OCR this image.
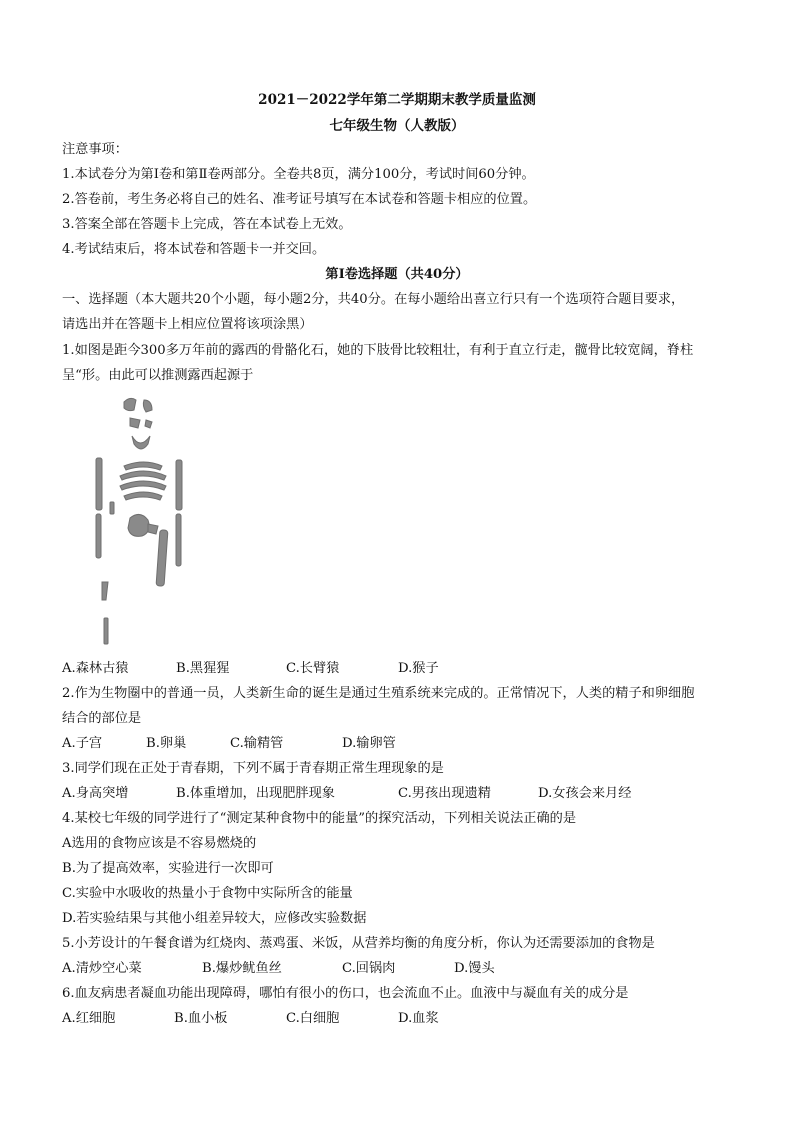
2021－2022学年第二学期期末教学质量监测
七年级生物（人教版）
注意事项：
1.本试卷分为第Ⅰ卷和第Ⅱ卷两部分。全卷共8页，满分100分，考试时间60分钟。
2.答卷前，考生务必将自己的姓名、准考证号填写在本试卷和答题卡相应的位置。
3.答案全部在答题卡上完成，答在本试卷上无效。
4.考试结束后，将本试卷和答题卡一并交回。
第Ⅰ卷选择题（共40分）
一、选择题（本大题共20个小题，每小题2分，共40分。在每小题给出喜立行只有一个选项符合题目要求，
请选出并在答题卡上相应位置将该项涂黑）
1.如图是距今300多万年前的露西的骨骼化石，她的下肢骨比较粗壮，有利于直立行走，髋骨比较宽阔，脊柱
呈“形。由此可以推测露西起源于
A.森林古猿	B.黑猩猩	C.长臂猿	D.猴子
2.作为生物圈中的普通一员，人类新生命的诞生是通过生殖系统来完成的。正常情况下，人类的精子和卵细胞
结合的部位是
A.子宫	B.卵巢	C.输精管	D.输卵管
3.同学们现在正处于青春期，下列不属于青春期正常生理现象的是
A.身高突增	B.体重增加，出现肥胖现象	C.男孩出现遗精	D.女孩会来月经
4.某校七年级的同学进行了“测定某种食物中的能量”的探究活动，下列相关说法正确的是
A选用的食物应该是不容易燃烧的
B.为了提高效率，实验进行一次即可
C.实验中水吸收的热量小于食物中实际所含的能量
D.若实验结果与其他小组差异较大，应修改实验数据
5.小芳设计的午餐食谱为红烧肉、蒸鸡蛋、米饭，从营养均衡的角度分析，你认为还需要添加的食物是
A.清炒空心菜	B.爆炒鱿鱼丝	C.回锅肉	D.馒头
6.血友病患者凝血功能出现障碍，哪怕有很小的伤口，也会流血不止。血液中与凝血有关的成分是
A.红细胞	B.血小板	C.白细胞	D.血浆
